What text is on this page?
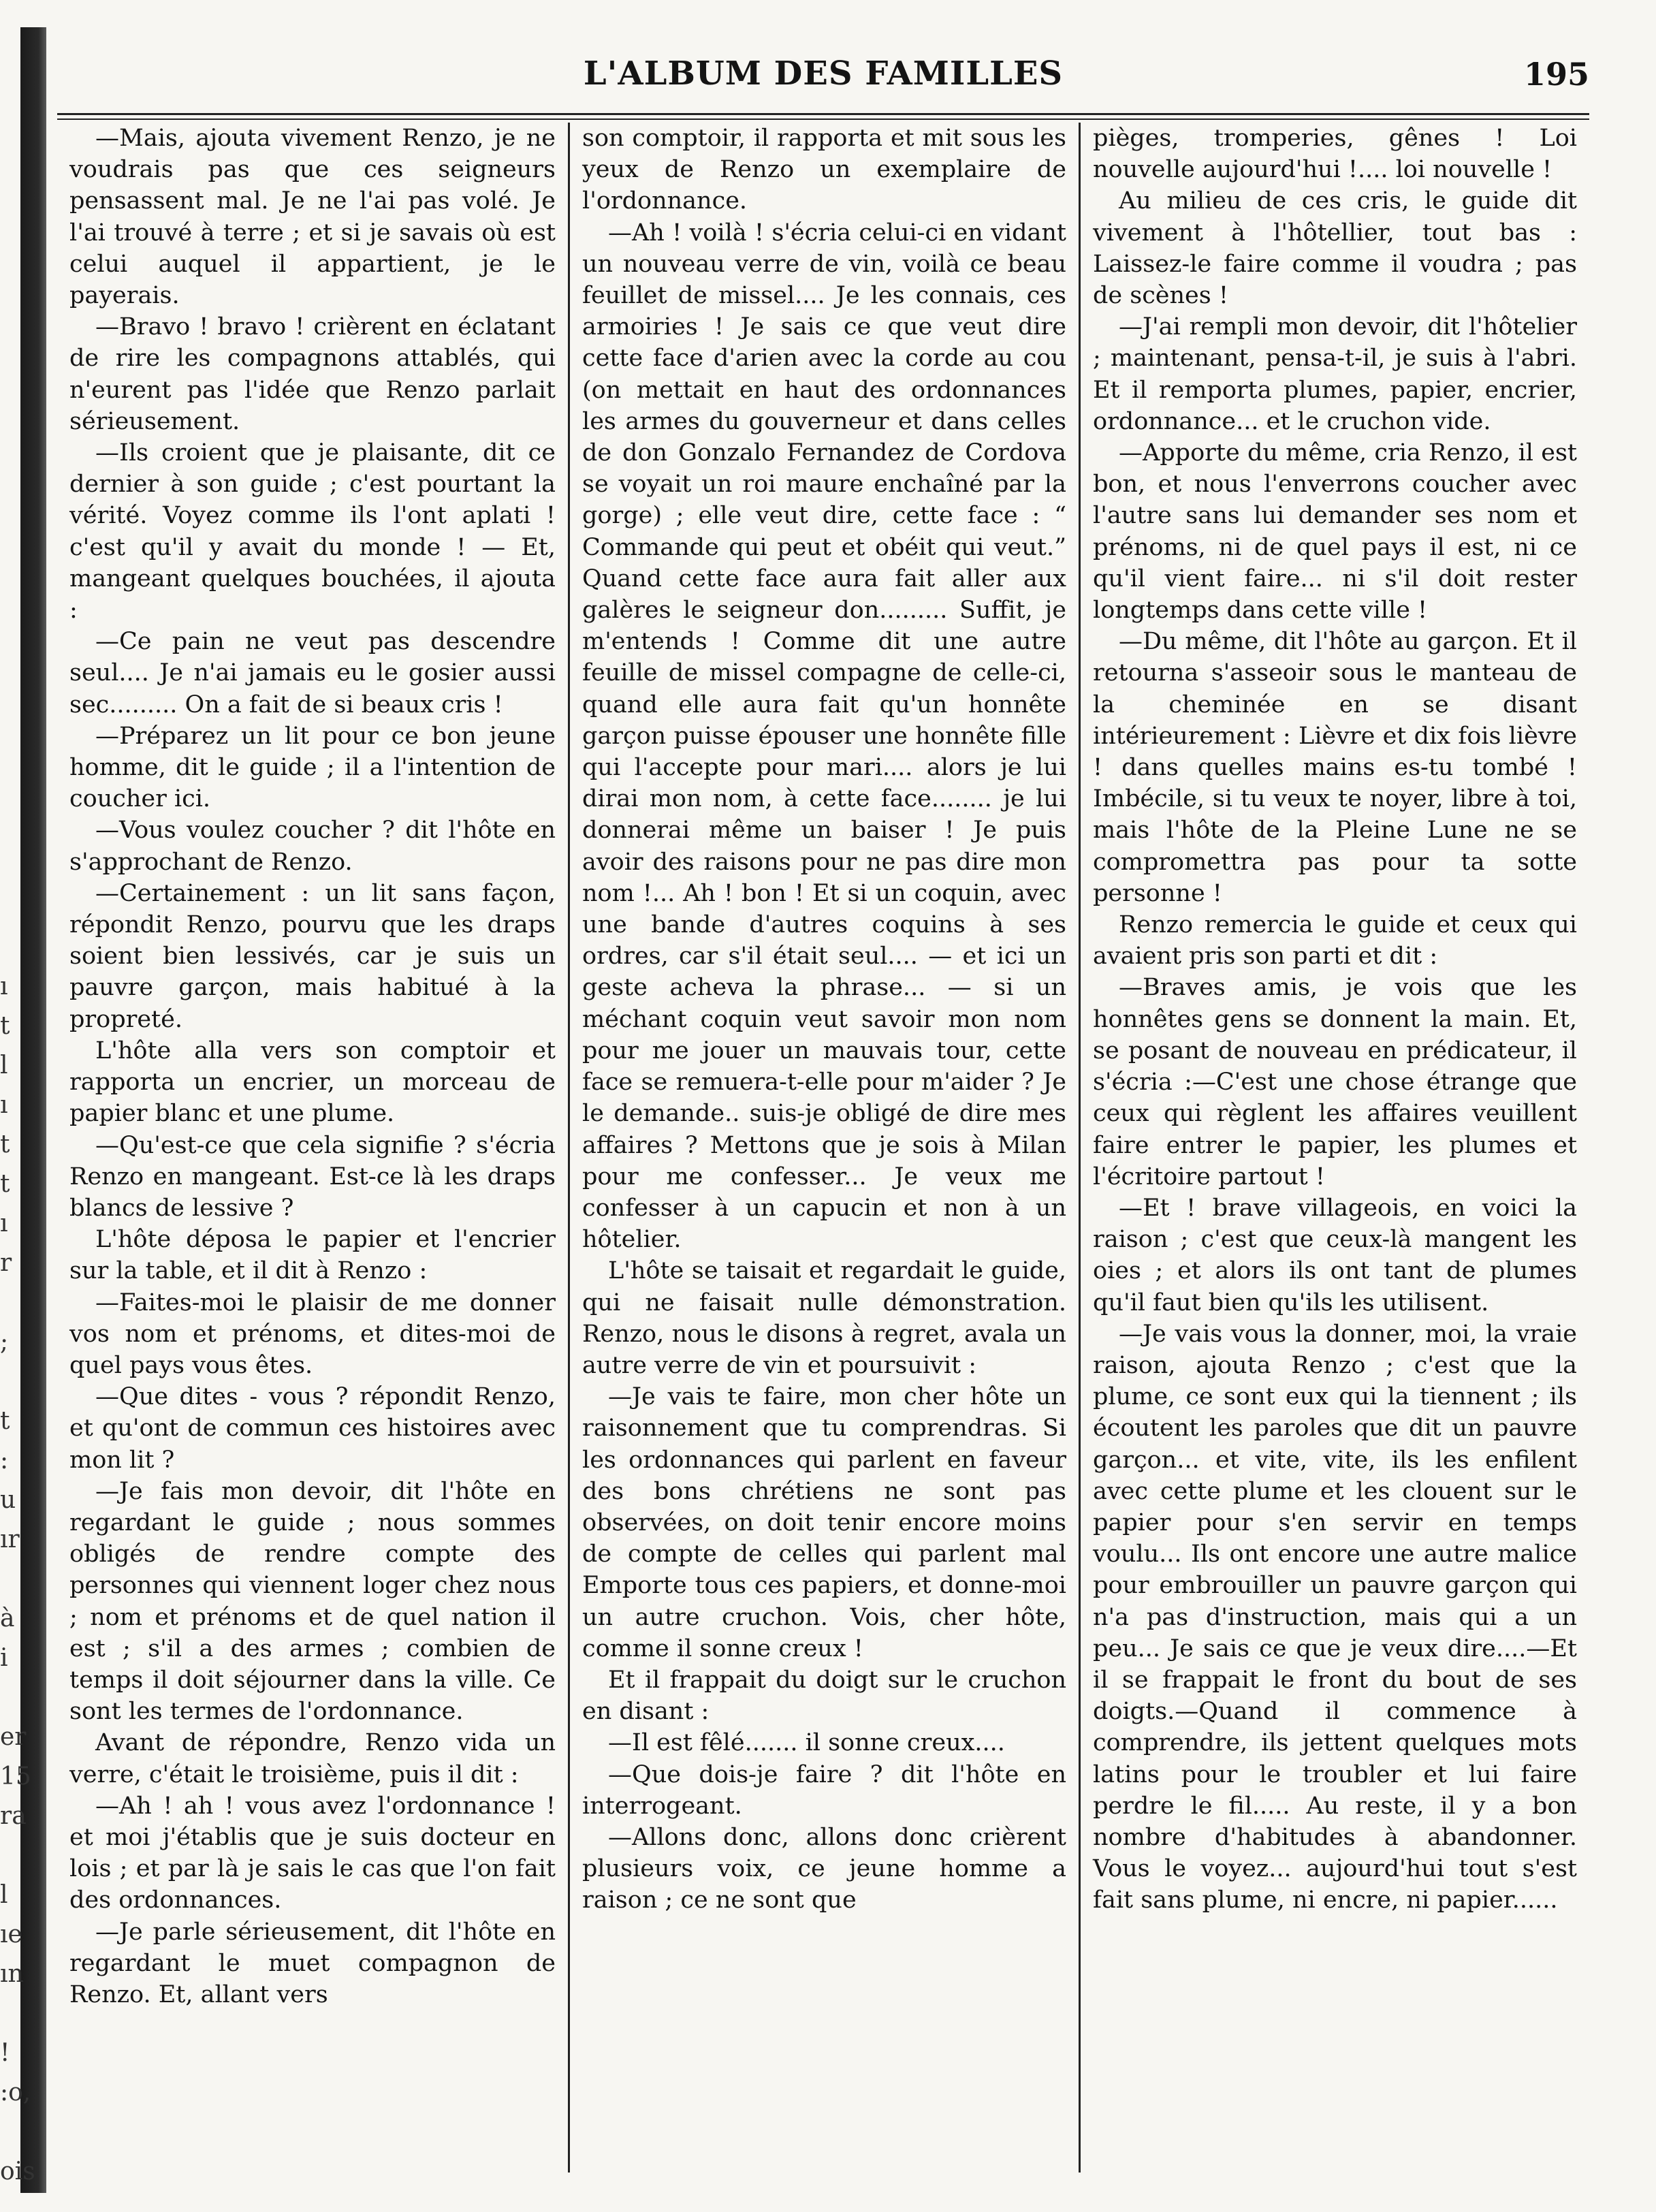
ı
t
l
ı
t
t
ı
r

;

t
:
u
ır

à
i

er
15
ra

l
ıe
ın

!
:o,

ois
L'ALBUM DES FAMILLES	195

—Mais, ajouta vivement Renzo, je ne voudrais pas que ces seigneurs pensassent mal. Je ne l'ai pas volé. Je l'ai trouvé à terre ; et si je savais où est celui auquel il appartient, je le payerais.

—Bravo ! bravo ! crièrent en éclatant de rire les compagnons attablés, qui n'eurent pas l'idée que Renzo parlait sérieusement.

—Ils croient que je plaisante, dit ce dernier à son guide ; c'est pourtant la vérité. Voyez comme ils l'ont aplati ! c'est qu'il y avait du monde ! — Et, mangeant quelques bouchées, il ajouta :

—Ce pain ne veut pas descendre seul.... Je n'ai jamais eu le gosier aussi sec......... On a fait de si beaux cris !

—Préparez un lit pour ce bon jeune homme, dit le guide ; il a l'intention de coucher ici.

—Vous voulez coucher ? dit l'hôte en s'approchant de Renzo.

—Certainement : un lit sans façon, répondit Renzo, pourvu que les draps soient bien lessivés, car je suis un pauvre garçon, mais habitué à la propreté.

L'hôte alla vers son comptoir et rapporta un encrier, un morceau de papier blanc et une plume.

—Qu'est-ce que cela signifie ? s'écria Renzo en mangeant. Est-ce là les draps blancs de lessive ?

L'hôte déposa le papier et l'encrier sur la table, et il dit à Renzo :

—Faites-moi le plaisir de me donner vos nom et prénoms, et dites-moi de quel pays vous êtes.

—Que dites - vous ? répondit Renzo, et qu'ont de commun ces histoires avec mon lit ?

—Je fais mon devoir, dit l'hôte en regardant le guide ; nous sommes obligés de rendre compte des personnes qui viennent loger chez nous ; nom et prénoms et de quel nation il est ; s'il a des armes ; combien de temps il doit séjourner dans la ville. Ce sont les termes de l'ordonnance.

Avant de répondre, Renzo vida un verre, c'était le troisième, puis il dit :

—Ah ! ah ! vous avez l'ordonnance ! et moi j'établis que je suis docteur en lois ; et par là je sais le cas que l'on fait des ordonnances.

—Je parle sérieusement, dit l'hôte en regardant le muet compagnon de Renzo. Et, allant vers

son comptoir, il rapporta et mit sous les yeux de Renzo un exemplaire de l'ordonnance.

—Ah ! voilà ! s'écria celui-ci en vidant un nouveau verre de vin, voilà ce beau feuillet de missel.... Je les connais, ces armoiries ! Je sais ce que veut dire cette face d'arien avec la corde au cou (on mettait en haut des ordonnances les armes du gouverneur et dans celles de don Gonzalo Fernandez de Cordova se voyait un roi maure enchaîné par la gorge) ; elle veut dire, cette face : “ Commande qui peut et obéit qui veut.” Quand cette face aura fait aller aux galères le seigneur don......... Suffit, je m'entends ! Comme dit une autre feuille de missel compagne de celle-ci, quand elle aura fait qu'un honnête garçon puisse épouser une honnête fille qui l'accepte pour mari.... alors je lui dirai mon nom, à cette face........ je lui donnerai même un baiser ! Je puis avoir des raisons pour ne pas dire mon nom !... Ah ! bon ! Et si un coquin, avec une bande d'autres coquins à ses ordres, car s'il était seul.... — et ici un geste acheva la phrase... — si un méchant coquin veut savoir mon nom pour me jouer un mauvais tour, cette face se remuera-t-elle pour m'aider ? Je le demande.. suis-je obligé de dire mes affaires ? Mettons que je sois à Milan pour me confesser... Je veux me confesser à un capucin et non à un hôtelier.

L'hôte se taisait et regardait le guide, qui ne faisait nulle démonstration. Renzo, nous le disons à regret, avala un autre verre de vin et poursuivit :

—Je vais te faire, mon cher hôte un raisonnement que tu comprendras. Si les ordonnances qui parlent en faveur des bons chrétiens ne sont pas observées, on doit tenir encore moins de compte de celles qui parlent mal Emporte tous ces papiers, et donne-moi un autre cruchon. Vois, cher hôte, comme il sonne creux !

Et il frappait du doigt sur le cruchon en disant :

—Il est fêlé....... il sonne creux....

—Que dois-je faire ? dit l'hôte en interrogeant.

—Allons donc, allons donc crièrent plusieurs voix, ce jeune homme a raison ; ce ne sont que

pièges, tromperies, gênes ! Loi nouvelle aujourd'hui !.... loi nouvelle !

Au milieu de ces cris, le guide dit vivement à l'hôtellier, tout bas : Laissez-le faire comme il voudra ; pas de scènes !

—J'ai rempli mon devoir, dit l'hôtelier ; maintenant, pensa-t-il, je suis à l'abri. Et il remporta plumes, papier, encrier, ordonnance... et le cruchon vide.

—Apporte du même, cria Renzo, il est bon, et nous l'enverrons coucher avec l'autre sans lui demander ses nom et prénoms, ni de quel pays il est, ni ce qu'il vient faire... ni s'il doit rester longtemps dans cette ville !

—Du même, dit l'hôte au garçon. Et il retourna s'asseoir sous le manteau de la cheminée en se disant intérieurement : Lièvre et dix fois lièvre ! dans quelles mains es-tu tombé ! Imbécile, si tu veux te noyer, libre à toi, mais l'hôte de la Pleine Lune ne se compromettra pas pour ta sotte personne !

Renzo remercia le guide et ceux qui avaient pris son parti et dit :

—Braves amis, je vois que les honnêtes gens se donnent la main. Et, se posant de nouveau en prédicateur, il s'écria :—C'est une chose étrange que ceux qui règlent les affaires veuillent faire entrer le papier, les plumes et l'écritoire partout !

—Et ! brave villageois, en voici la raison ; c'est que ceux-là mangent les oies ; et alors ils ont tant de plumes qu'il faut bien qu'ils les utilisent.

—Je vais vous la donner, moi, la vraie raison, ajouta Renzo ; c'est que la plume, ce sont eux qui la tiennent ; ils écoutent les paroles que dit un pauvre garçon... et vite, vite, ils les enfilent avec cette plume et les clouent sur le papier pour s'en servir en temps voulu... Ils ont encore une autre malice pour embrouiller un pauvre garçon qui n'a pas d'instruction, mais qui a un peu... Je sais ce que je veux dire....—Et il se frappait le front du bout de ses doigts.—Quand il commence à comprendre, ils jettent quelques mots latins pour le troubler et lui faire perdre le fil..... Au reste, il y a bon nombre d'habitudes à abandonner. Vous le voyez... aujourd'hui tout s'est fait sans plume, ni encre, ni papier......
